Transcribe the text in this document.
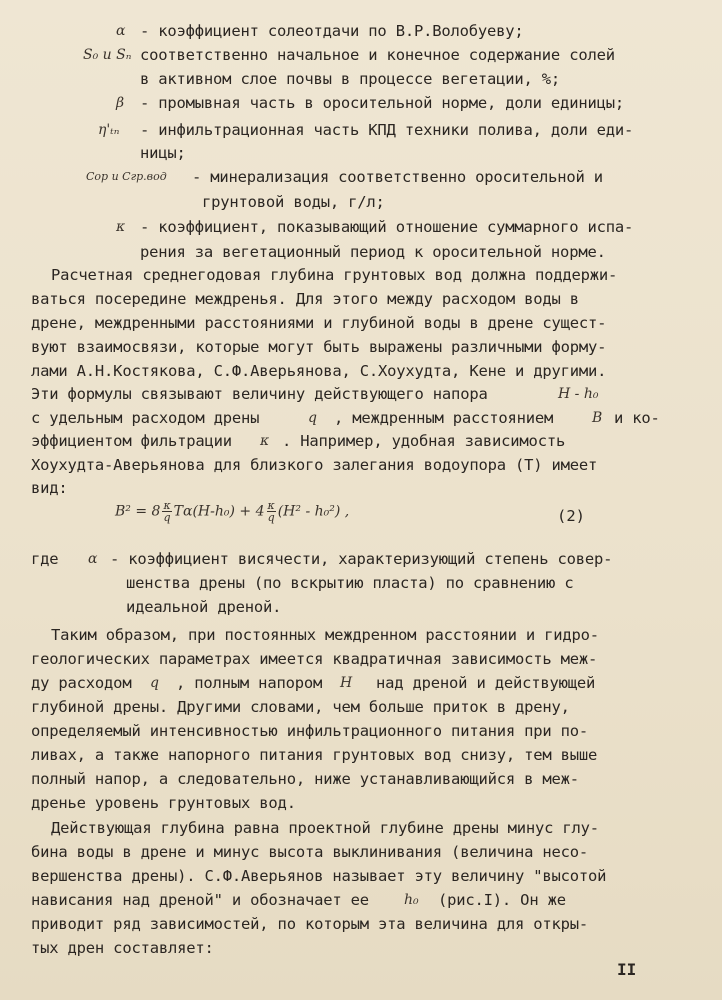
α - коэффициент солеотдачи по В.Р.Волобуеву;
S₀ и Sₙ соответственно начальное и конечное содержание солей
в активном слое почвы в процессе вегетации, %;
β - промывная часть в оросительной норме, доли единицы;
η'ₜₙ - инфильтрационная часть КПД техники полива, доли еди-
ницы;
Cор и Cгр.вод - минерализация соответственно оросительной и
грунтовой воды, г/л;
κ - коэффициент, показывающий отношение суммарного испа-
рения за вегетационный период к оросительной норме.
Расчетная среднегодовая глубина грунтовых вод должна поддержи-
ваться посередине междренья. Для этого между расходом воды в
дрене, междренными расстояниями и глубиной воды в дрене сущест-
вуют взаимосвязи, которые могут быть выражены различными форму-
лами А.Н.Костякова, С.Ф.Аверьянова, С.Хоухудта, Кене и другими.
Эти формулы связывают величину действующего напора	H - h₀
с удельным расходом дрены	q , междренным расстоянием	B и ко-
эффициентом фильтрации κ . Например, удобная зависимость
Хоухудта-Аверьянова для близкого залегания водоупора (Т) имеет
вид:
$B^2 = 8 \frac{\kappa}{q} T\alpha(H-h_0) + 4 \frac{\kappa}{q} (H^2 - h_0^2)$ ,	(2)
где α - коэффициент висячести, характеризующий степень совер-
шенства дрены (по вскрытию пласта) по сравнению с
идеальной дреной.
Таким образом, при постоянных междренном расстоянии и гидро-
геологических параметрах имеется квадратичная зависимость меж-
ду расходом q , полным напором H над дреной и действующей
глубиной дрены. Другими словами, чем больше приток в дрену,
определяемый интенсивностью инфильтрационного питания при по-
ливах, а также напорного питания грунтовых вод снизу, тем выше
полный напор, а следовательно, ниже устанавливающийся в меж-
дренье уровень грунтовых вод.
Действующая глубина равна проектной глубине дрены минус глу-
бина воды в дрене и минус высота выклинивания (величина несо-
вершенства дрены). С.Ф.Аверьянов называет эту величину "высотой
нависания над дреной" и обозначает ее	h₀ (рис.I). Он же
приводит ряд зависимостей, по которым эта величина для откры-
тых дрен составляет:
II
